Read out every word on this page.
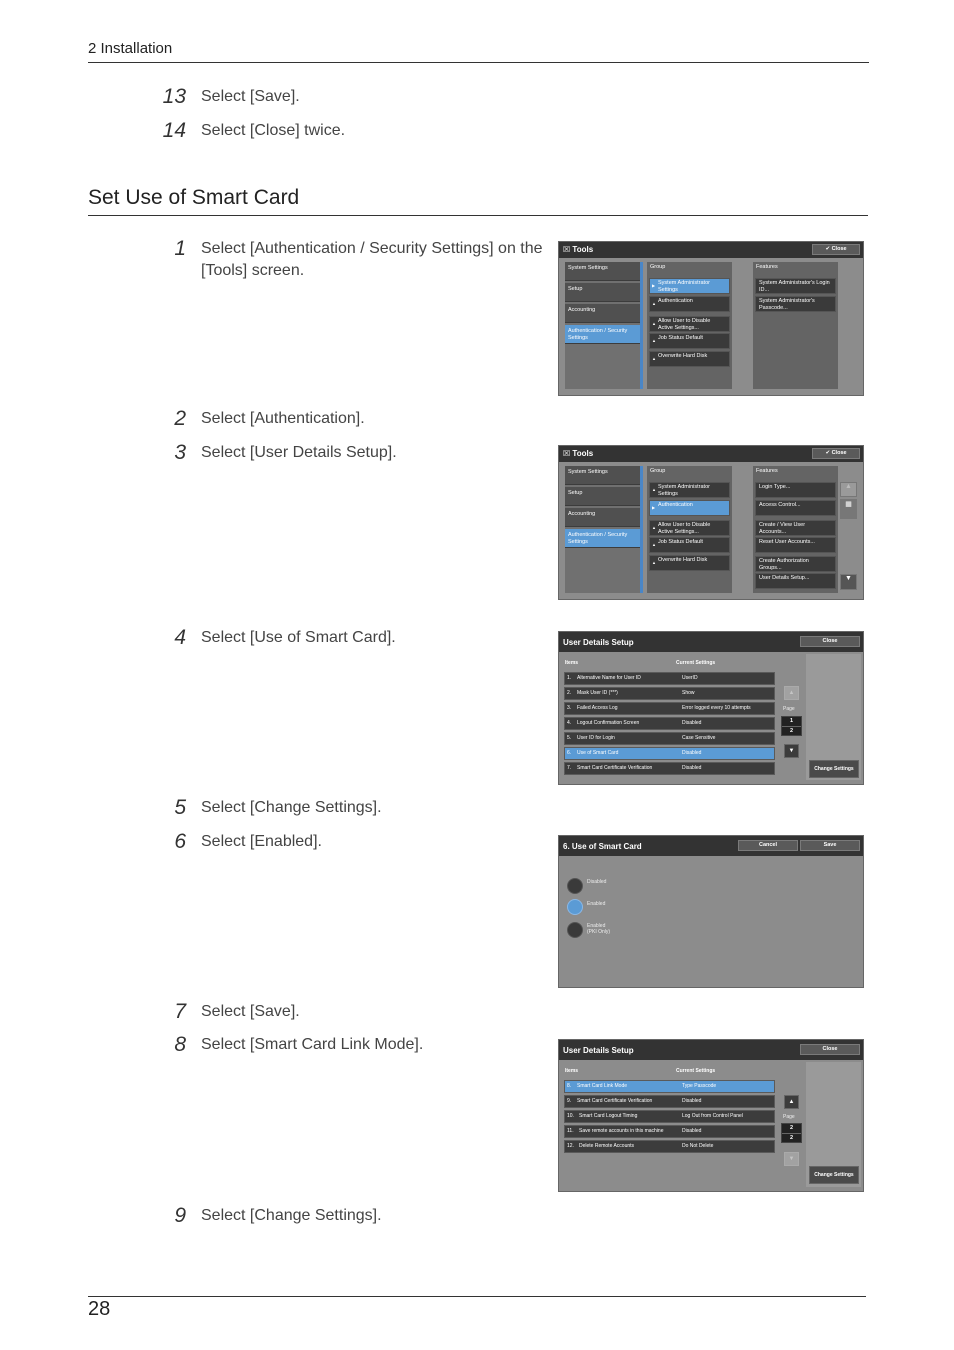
2 Installation
13 Select [Save].
14 Select [Close] twice.
Set Use of Smart Card
1 Select [Authentication / Security Settings] on the [Tools] screen.
2 Select [Authentication].
3 Select [User Details Setup].
4 Select [Use of Smart Card].
5 Select [Change Settings].
6 Select [Enabled].
7 Select [Save].
8 Select [Smart Card Link Mode].
9 Select [Change Settings].
☒ Tools	✔ Close
System Settings
Setup
Accounting
Authentication / Security Settings
Group
▶ System Administrator Settings
▲ Authentication
▲ Allow User to Disable Active Settings...
▲ Job Status Default
▲ Overwrite Hard Disk
Features
System Administrator's Login ID...
System Administrator's Passcode...
☒ Tools	✔ Close
System Settings
Setup
Accounting
Authentication / Security Settings
Group
▲ System Administrator Settings
▶ Authentication
▲ Allow User to Disable Active Settings...
▲ Job Status Default
▲ Overwrite Hard Disk
Features
Login Type...
Access Control...
Create / View User Accounts...
Reset User Accounts...
Create Authorization Groups...
User Details Setup...
▲
▦
▼
User Details Setup	Close
Items	Current Settings
1. Alternative Name for User ID	UserID
2. Mask User ID (***)	Show
3. Failed Access Log	Error logged every 10 attempts
4. Logout Confirmation Screen	Disabled
5. User ID for Login	Case Sensitive
6. Use of Smart Card	Disabled
7. Smart Card Certificate Verification	Disabled
▲
Page
1
2
▼
Change Settings
6. Use of Smart Card	Cancel	Save
Disabled
Enabled
Enabled (PKI Only)
User Details Setup	Close
Items	Current Settings
8. Smart Card Link Mode	Type Passcode
9. Smart Card Certificate Verification	Disabled
10. Smart Card Logout Timing	Log Out from Control Panel
11. Save remote accounts in this machine	Disabled
12. Delete Remote Accounts	Do Not Delete
▲
Page
2
2
▼
Change Settings
28
